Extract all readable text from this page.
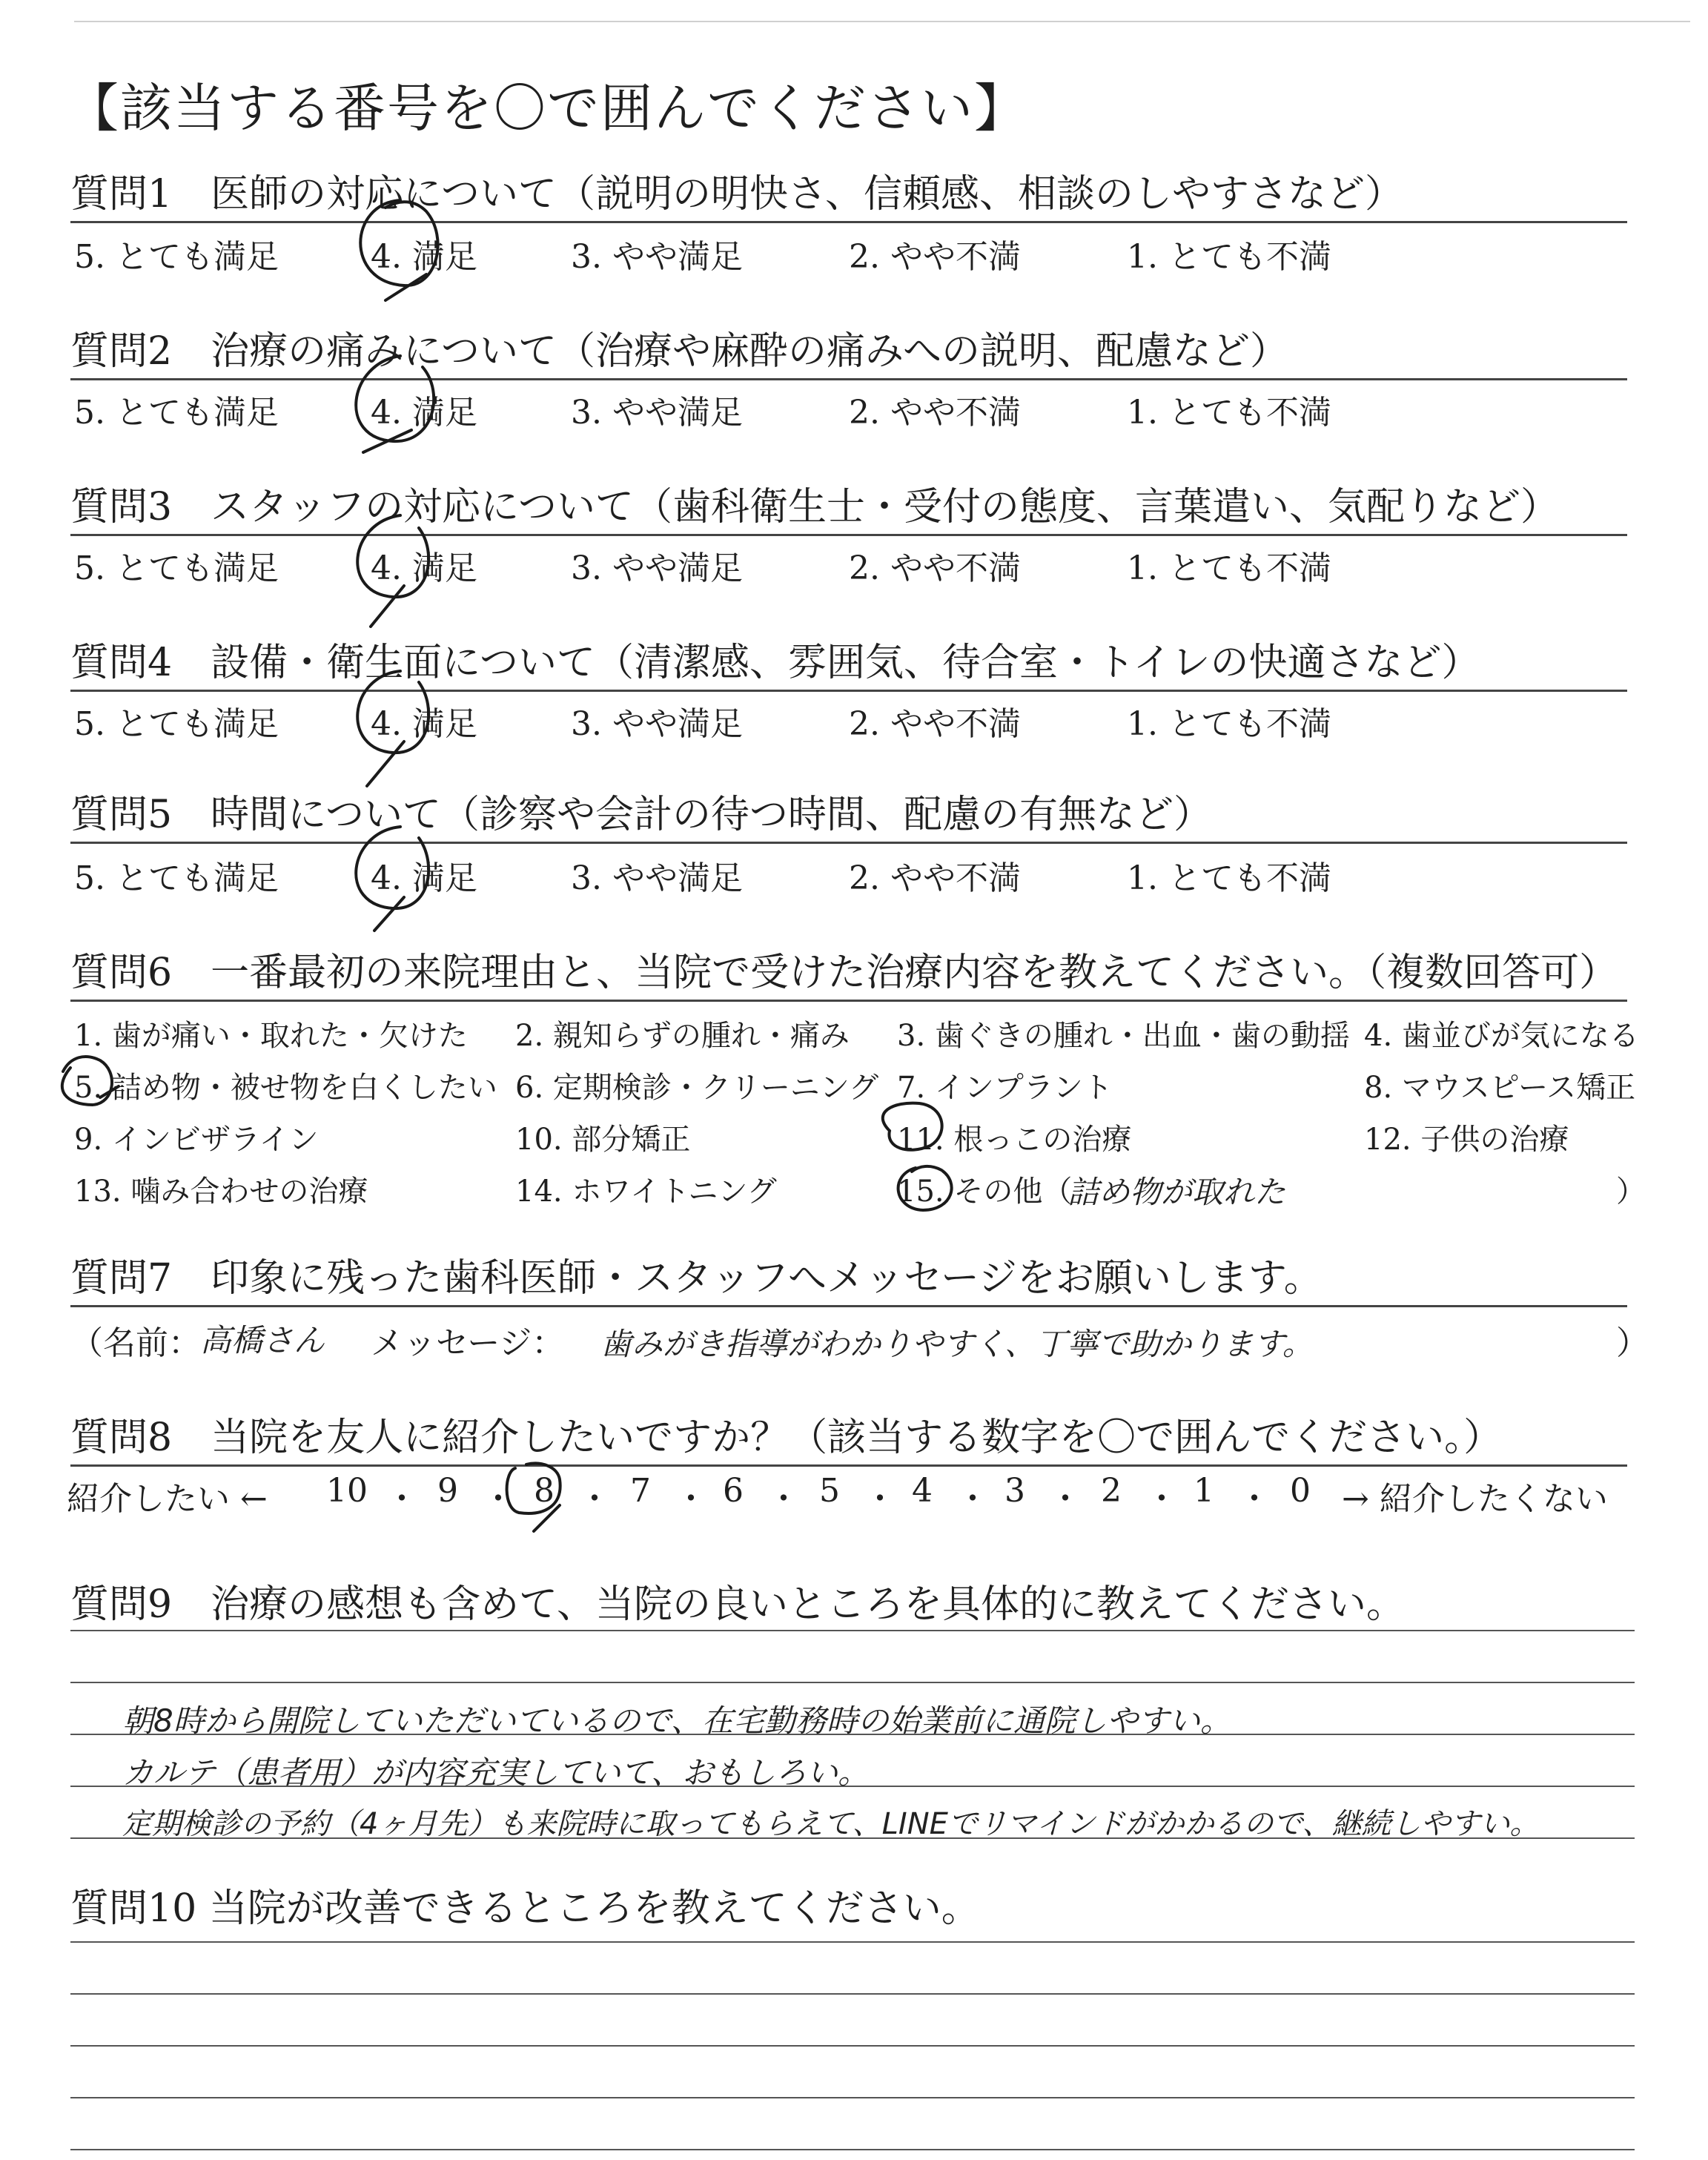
【該当する番号を〇で囲んでください】
質問1　医師の対応について（説明の明快さ、信頼感、相談のしやすさなど）
5. とても満足	4. 満足	3. やや満足	2. やや不満	1. とても不満
質問2　治療の痛みについて（治療や麻酔の痛みへの説明、配慮など）
5. とても満足	4. 満足	3. やや満足	2. やや不満	1. とても不満
質問3　スタッフの対応について（歯科衛生士・受付の態度、言葉遣い、気配りなど）
5. とても満足	4. 満足	3. やや満足	2. やや不満	1. とても不満
質問4　設備・衛生面について（清潔感、雰囲気、待合室・トイレの快適さなど）
5. とても満足	4. 満足	3. やや満足	2. やや不満	1. とても不満
質問5　時間について（診察や会計の待つ時間、配慮の有無など）
5. とても満足	4. 満足	3. やや満足	2. やや不満	1. とても不満
質問6　一番最初の来院理由と、当院で受けた治療内容を教えてください。（複数回答可）
1. 歯が痛い・取れた・欠けた 2. 親知らずの腫れ・痛み 3. 歯ぐきの腫れ・出血・歯の動揺 4. 歯並びが気になる
5. 詰め物・被せ物を白くしたい 6. 定期検診・クリーニング 7. インプラント	8. マウスピース矯正
9. インビザライン	10. 部分矯正	11. 根っこの治療	12. 子供の治療
13. 噛み合わせの治療	14. ホワイトニング	15. その他（	）
詰め物が取れた
質問7　印象に残った歯科医師・スタッフへメッセージをお願いします。
（名前： 高橋さん メッセージ： 歯みがき指導がわかりやすく、丁寧で助かります。	）
質問8　当院を友人に紹介したいですか？（該当する数字を〇で囲んでください。）
紹介したい ← 10 ・ 9 ・ 8 ・ 7 ・ 6 ・ 5 ・ 4 ・ 3 ・ 2 ・ 1 ・ 0 → 紹介したくない
質問9　治療の感想も含めて、当院の良いところを具体的に教えてください。
朝8時から開院していただいているので、在宅勤務時の始業前に通院しやすい。
カルテ（患者用）が内容充実していて、おもしろい。
定期検診の予約（4ヶ月先）も来院時に取ってもらえて、LINEでリマインドがかかるので、継続しやすい。
質問10 当院が改善できるところを教えてください。
